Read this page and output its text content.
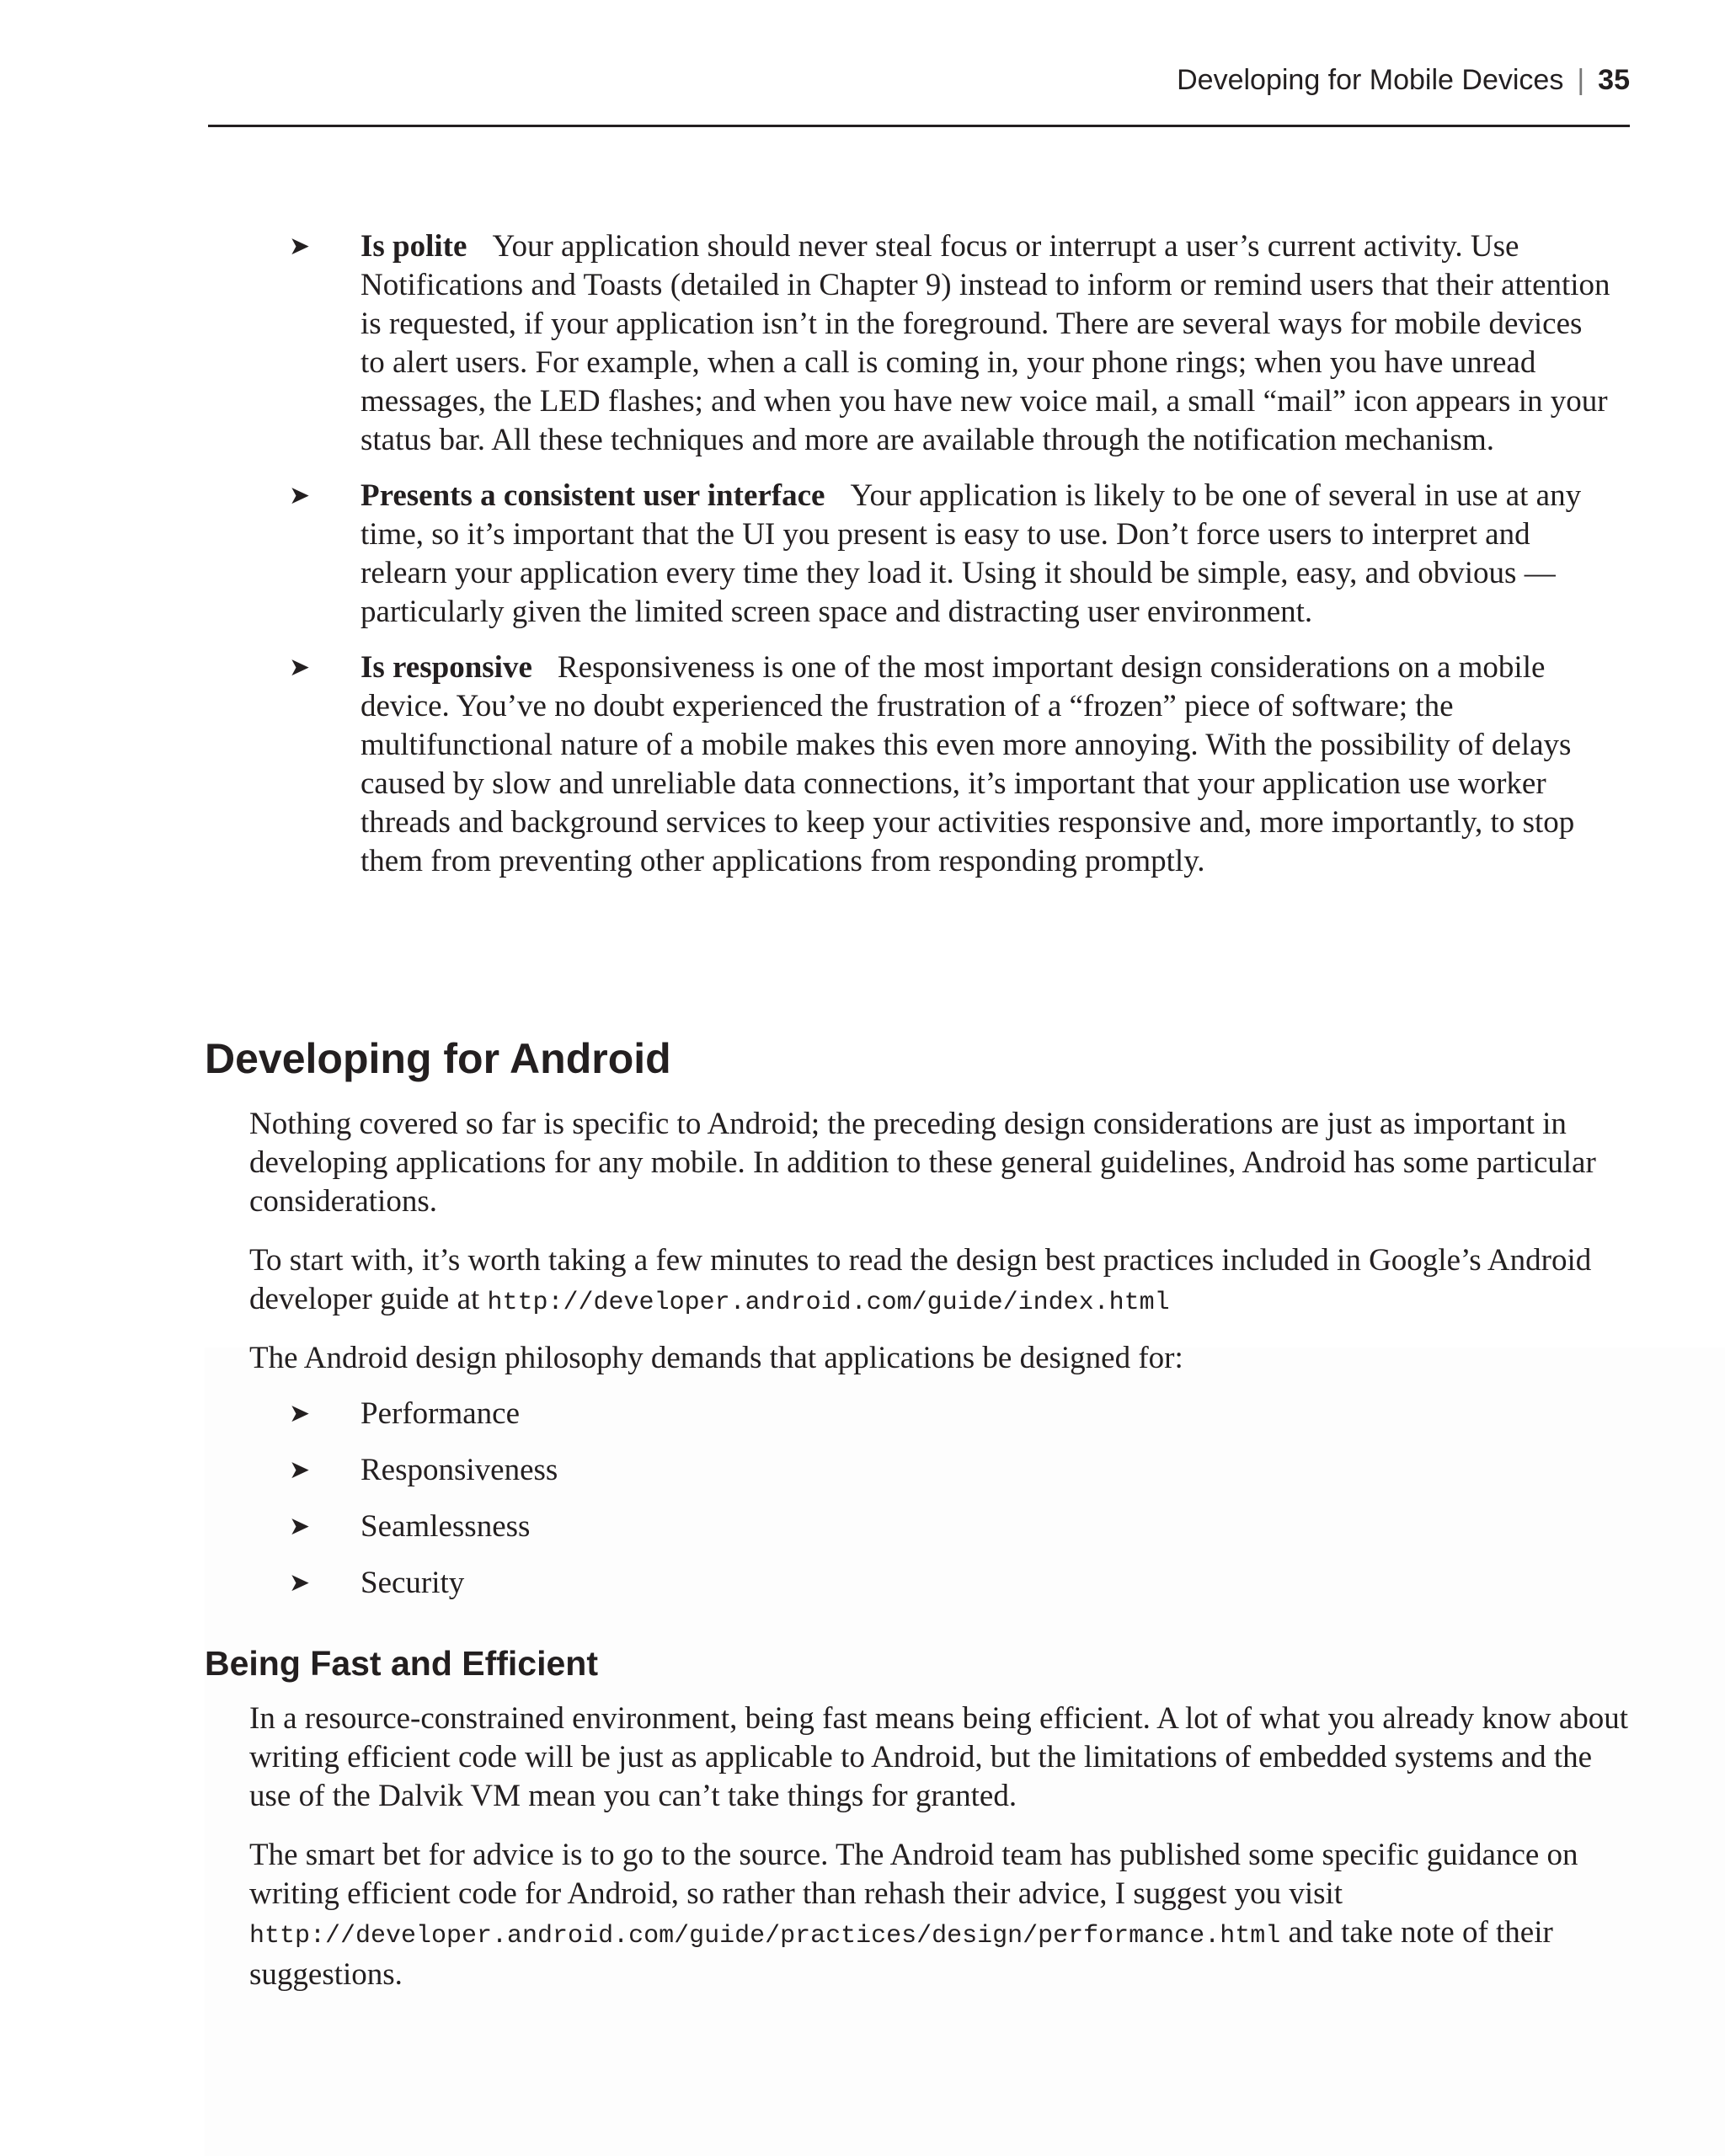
Developing for Mobile Devices | 35
➤ Is polite Your application should never steal focus or interrupt a user’s current activity. Use Notifications and Toasts (detailed in Chapter 9) instead to inform or remind users that their attention is requested, if your application isn’t in the foreground. There are several ways for mobile devices to alert users. For example, when a call is coming in, your phone rings; when you have unread messages, the LED flashes; and when you have new voice mail, a small “mail” icon appears in your status bar. All these techniques and more are available through the notification mechanism.
➤ Presents a consistent user interface Your application is likely to be one of several in use at any time, so it’s important that the UI you present is easy to use. Don’t force users to interpret and relearn your application every time they load it. Using it should be simple, easy, and obvious — particularly given the limited screen space and distracting user environment.
➤ Is responsive Responsiveness is one of the most important design considerations on a mobile device. You’ve no doubt experienced the frustration of a “frozen” piece of software; the multifunctional nature of a mobile makes this even more annoying. With the possibility of delays caused by slow and unreliable data connections, it’s important that your application use worker threads and background services to keep your activities responsive and, more importantly, to stop them from preventing other applications from responding promptly.
Developing for Android

Nothing covered so far is specific to Android; the preceding design considerations are just as important in developing applications for any mobile. In addition to these general guidelines, Android has some particular considerations.

To start with, it’s worth taking a few minutes to read the design best practices included in Google’s Android developer guide at http://developer.android.com/guide/index.html

The Android design philosophy demands that applications be designed for:

➤ Performance
➤ Responsiveness
➤ Seamlessness
➤ Security
Being Fast and Efficient

In a resource-constrained environment, being fast means being efficient. A lot of what you already know about writing efficient code will be just as applicable to Android, but the limitations of embedded systems and the use of the Dalvik VM mean you can’t take things for granted.

The smart bet for advice is to go to the source. The Android team has published some specific guidance on writing efficient code for Android, so rather than rehash their advice, I suggest you visit http://developer.android.com/guide/practices/design/performance.html and take note of their suggestions.
